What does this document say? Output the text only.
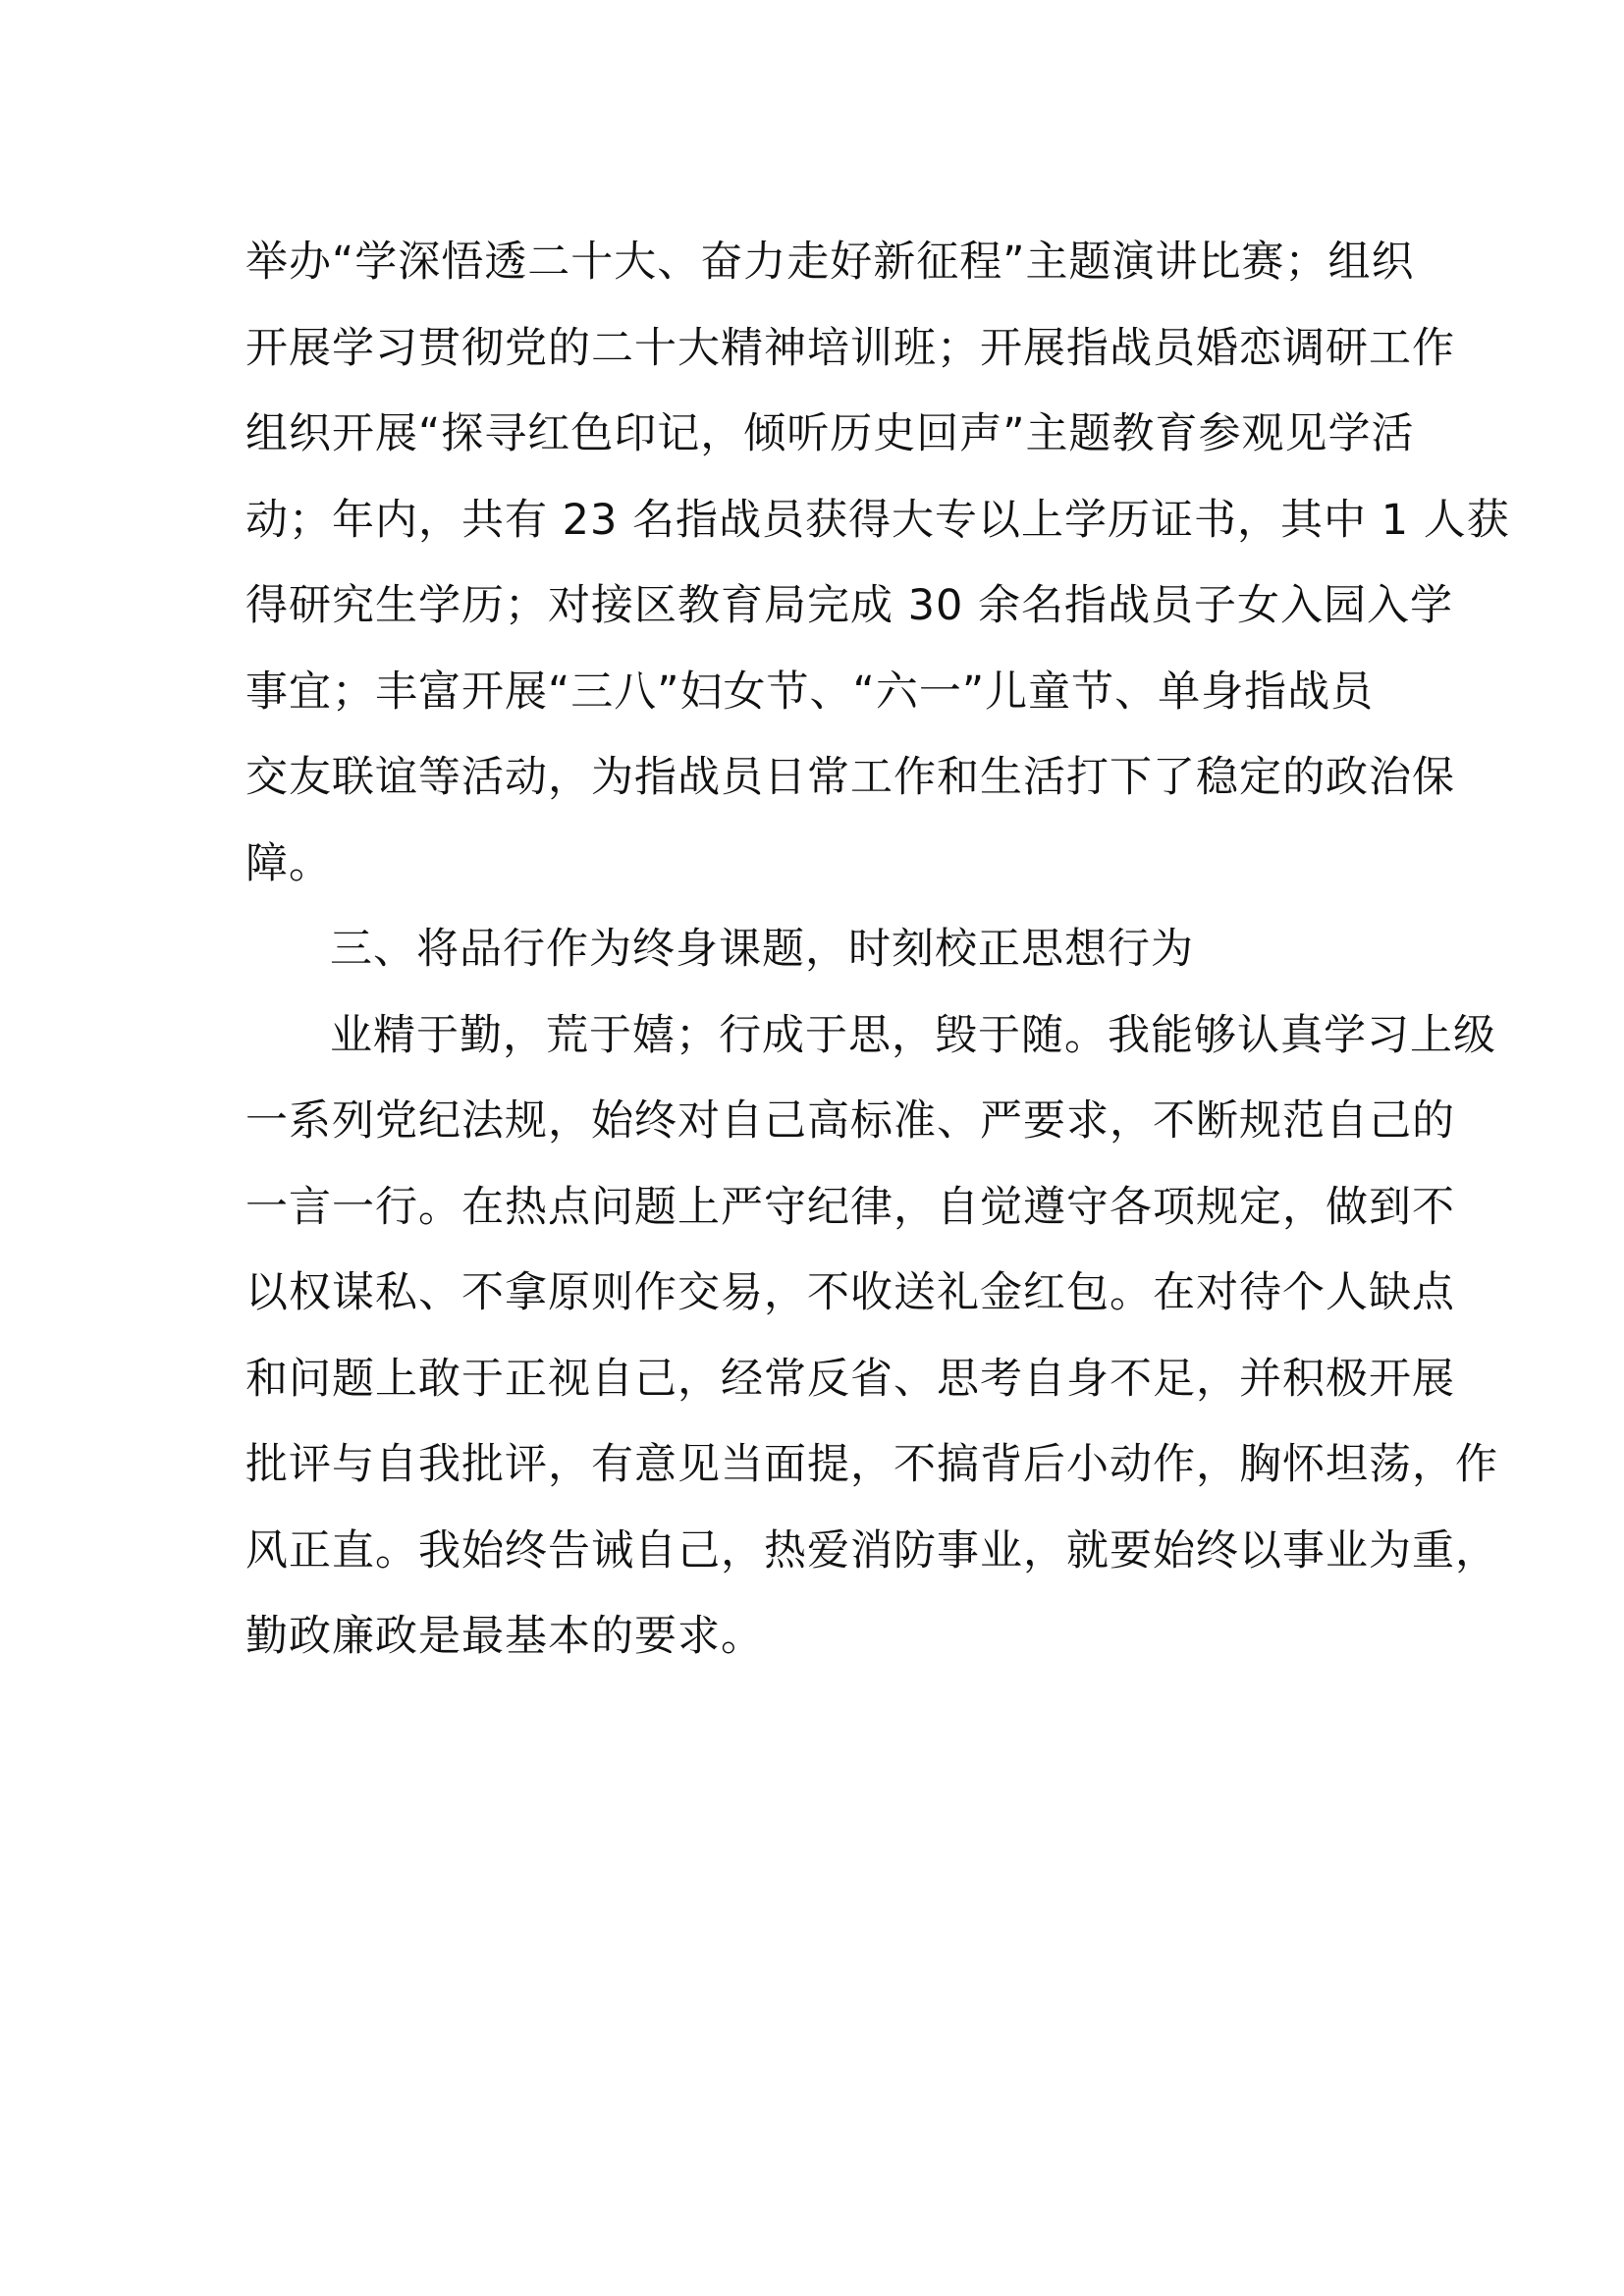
举办“学深悟透二十大、奋力走好新征程”主题演讲比赛；组织
开展学习贯彻党的二十大精神培训班；开展指战员婚恋调研工作
组织开展“探寻红色印记，倾听历史回声”主题教育参观见学活
动；年内，共有 23 名指战员获得大专以上学历证书，其中 1 人获
得研究生学历；对接区教育局完成 30 余名指战员子女入园入学
事宜；丰富开展“三八”妇女节、“六一”儿童节、单身指战员
交友联谊等活动，为指战员日常工作和生活打下了稳定的政治保
障。
三、将品行作为终身课题，时刻校正思想行为
业精于勤，荒于嬉；行成于思，毁于随。我能够认真学习上级
一系列党纪法规，始终对自己高标准、严要求，不断规范自己的
一言一行。在热点问题上严守纪律，自觉遵守各项规定，做到不
以权谋私、不拿原则作交易，不收送礼金红包。在对待个人缺点
和问题上敢于正视自己，经常反省、思考自身不足，并积极开展
批评与自我批评，有意见当面提，不搞背后小动作，胸怀坦荡，作
风正直。我始终告诫自己，热爱消防事业，就要始终以事业为重，
勤政廉政是最基本的要求。
